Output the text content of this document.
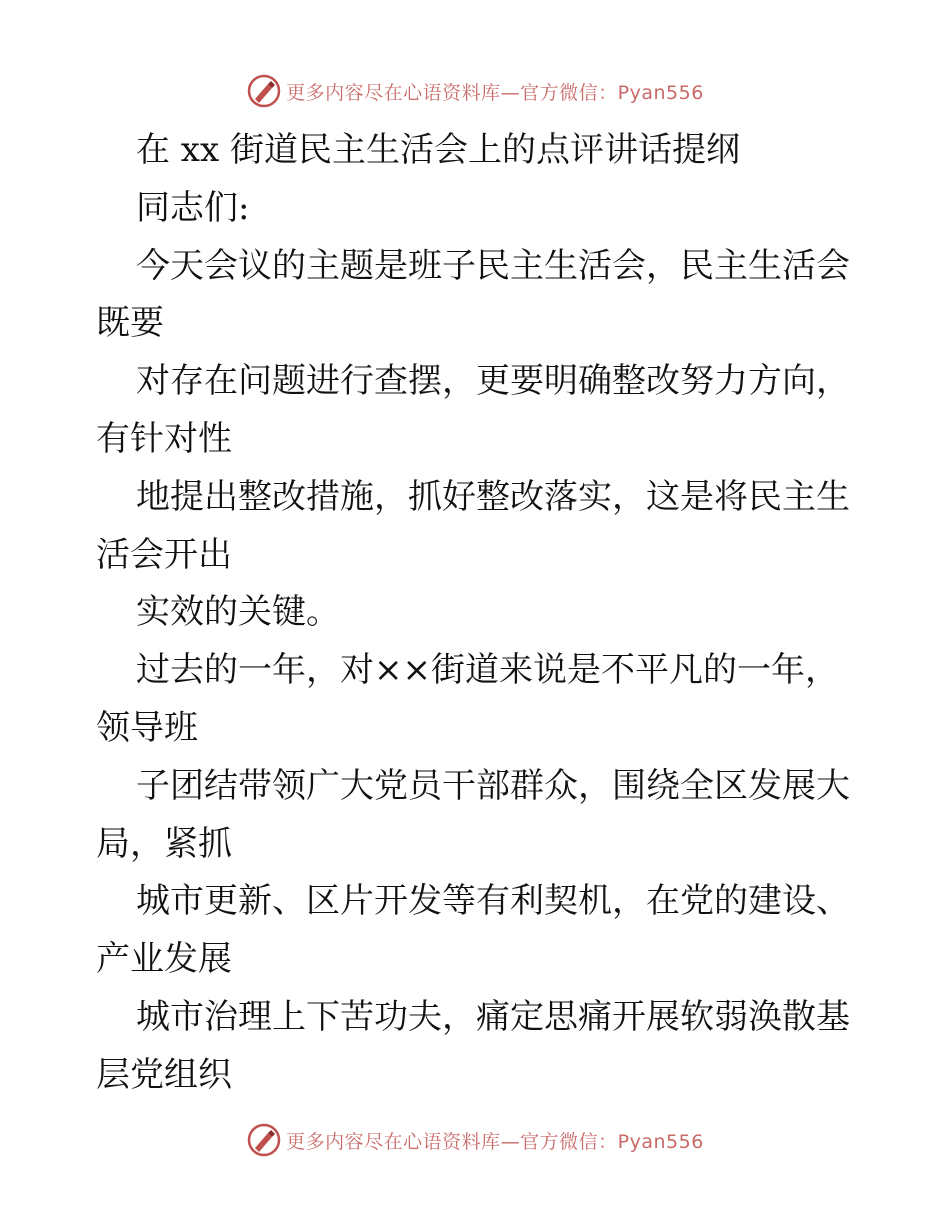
更多内容尽在心语资料库—官方微信：Pyan556
在 xx 街道民主生活会上的点评讲话提纲
同志们:
今天会议的主题是班子民主生活会，民主生活会
既要
对存在问题进行查摆，更要明确整改努力方向，
有针对性
地提出整改措施，抓好整改落实，这是将民主生
活会开出
实效的关键。
过去的一年，对××街道来说是不平凡的一年，
领导班
子团结带领广大党员干部群众，围绕全区发展大
局，紧抓
城市更新、区片开发等有利契机，在党的建设、
产业发展
城市治理上下苦功夫，痛定思痛开展软弱涣散基
层党组织
更多内容尽在心语资料库—官方微信：Pyan556
